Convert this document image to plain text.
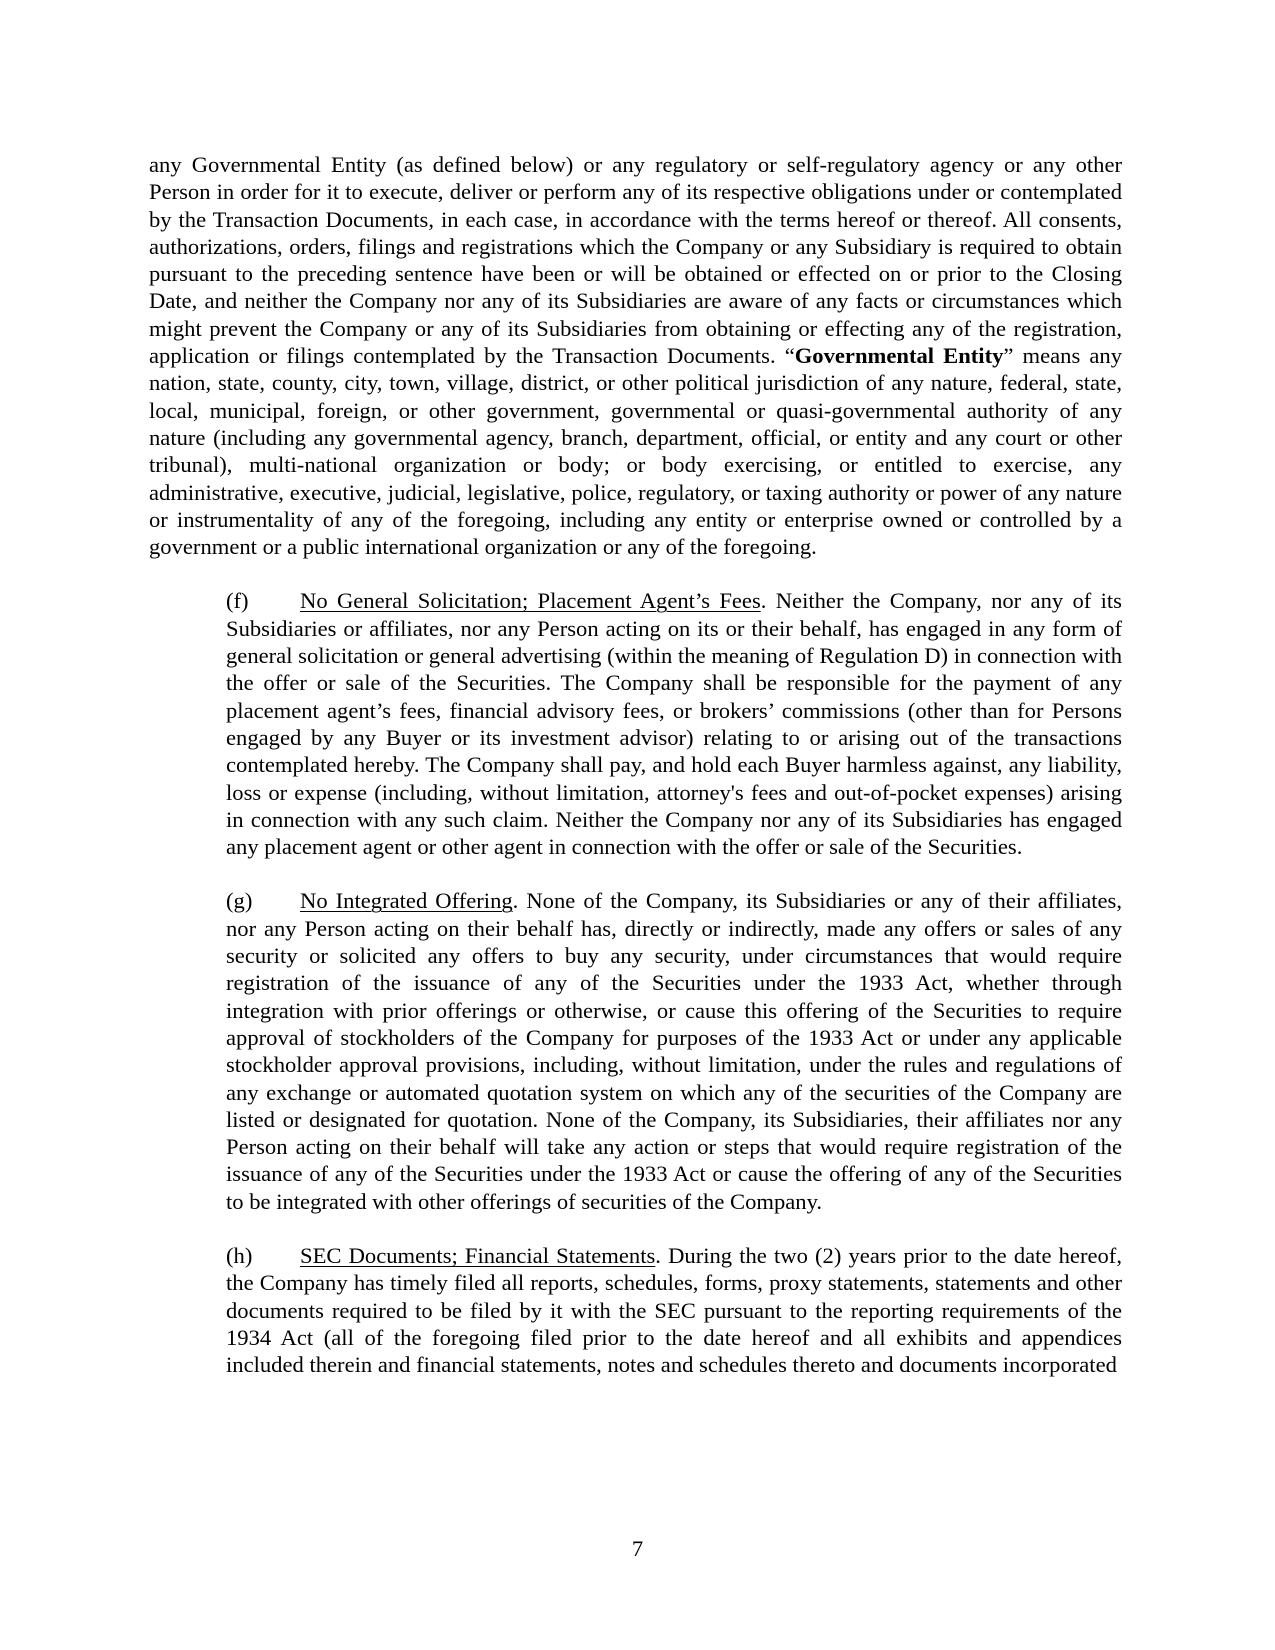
any Governmental Entity (as defined below) or any regulatory or self-regulatory agency or any other Person in order for it to execute, deliver or perform any of its respective obligations under or contemplated by the Transaction Documents, in each case, in accordance with the terms hereof or thereof. All consents, authorizations, orders, filings and registrations which the Company or any Subsidiary is required to obtain pursuant to the preceding sentence have been or will be obtained or effected on or prior to the Closing Date, and neither the Company nor any of its Subsidiaries are aware of any facts or circumstances which might prevent the Company or any of its Subsidiaries from obtaining or effecting any of the registration, application or filings contemplated by the Transaction Documents. “Governmental Entity” means any nation, state, county, city, town, village, district, or other political jurisdiction of any nature, federal, state, local, municipal, foreign, or other government, governmental or quasi-governmental authority of any nature (including any governmental agency, branch, department, official, or entity and any court or other tribunal), multi-national organization or body; or body exercising, or entitled to exercise, any administrative, executive, judicial, legislative, police, regulatory, or taxing authority or power of any nature or instrumentality of any of the foregoing, including any entity or enterprise owned or controlled by a government or a public international organization or any of the foregoing.

(f) No General Solicitation; Placement Agent’s Fees. Neither the Company, nor any of its Subsidiaries or affiliates, nor any Person acting on its or their behalf, has engaged in any form of general solicitation or general advertising (within the meaning of Regulation D) in connection with the offer or sale of the Securities. The Company shall be responsible for the payment of any placement agent’s fees, financial advisory fees, or brokers’ commissions (other than for Persons engaged by any Buyer or its investment advisor) relating to or arising out of the transactions contemplated hereby. The Company shall pay, and hold each Buyer harmless against, any liability, loss or expense (including, without limitation, attorney's fees and out-of-pocket expenses) arising in connection with any such claim. Neither the Company nor any of its Subsidiaries has engaged any placement agent or other agent in connection with the offer or sale of the Securities.

(g) No Integrated Offering. None of the Company, its Subsidiaries or any of their affiliates, nor any Person acting on their behalf has, directly or indirectly, made any offers or sales of any security or solicited any offers to buy any security, under circumstances that would require registration of the issuance of any of the Securities under the 1933 Act, whether through integration with prior offerings or otherwise, or cause this offering of the Securities to require approval of stockholders of the Company for purposes of the 1933 Act or under any applicable stockholder approval provisions, including, without limitation, under the rules and regulations of any exchange or automated quotation system on which any of the securities of the Company are listed or designated for quotation. None of the Company, its Subsidiaries, their affiliates nor any Person acting on their behalf will take any action or steps that would require registration of the issuance of any of the Securities under the 1933 Act or cause the offering of any of the Securities to be integrated with other offerings of securities of the Company.

(h) SEC Documents; Financial Statements. During the two (2) years prior to the date hereof, the Company has timely filed all reports, schedules, forms, proxy statements, statements and other documents required to be filed by it with the SEC pursuant to the reporting requirements of the 1934 Act (all of the foregoing filed prior to the date hereof and all exhibits and appendices included therein and financial statements, notes and schedules thereto and documents incorporated

7
